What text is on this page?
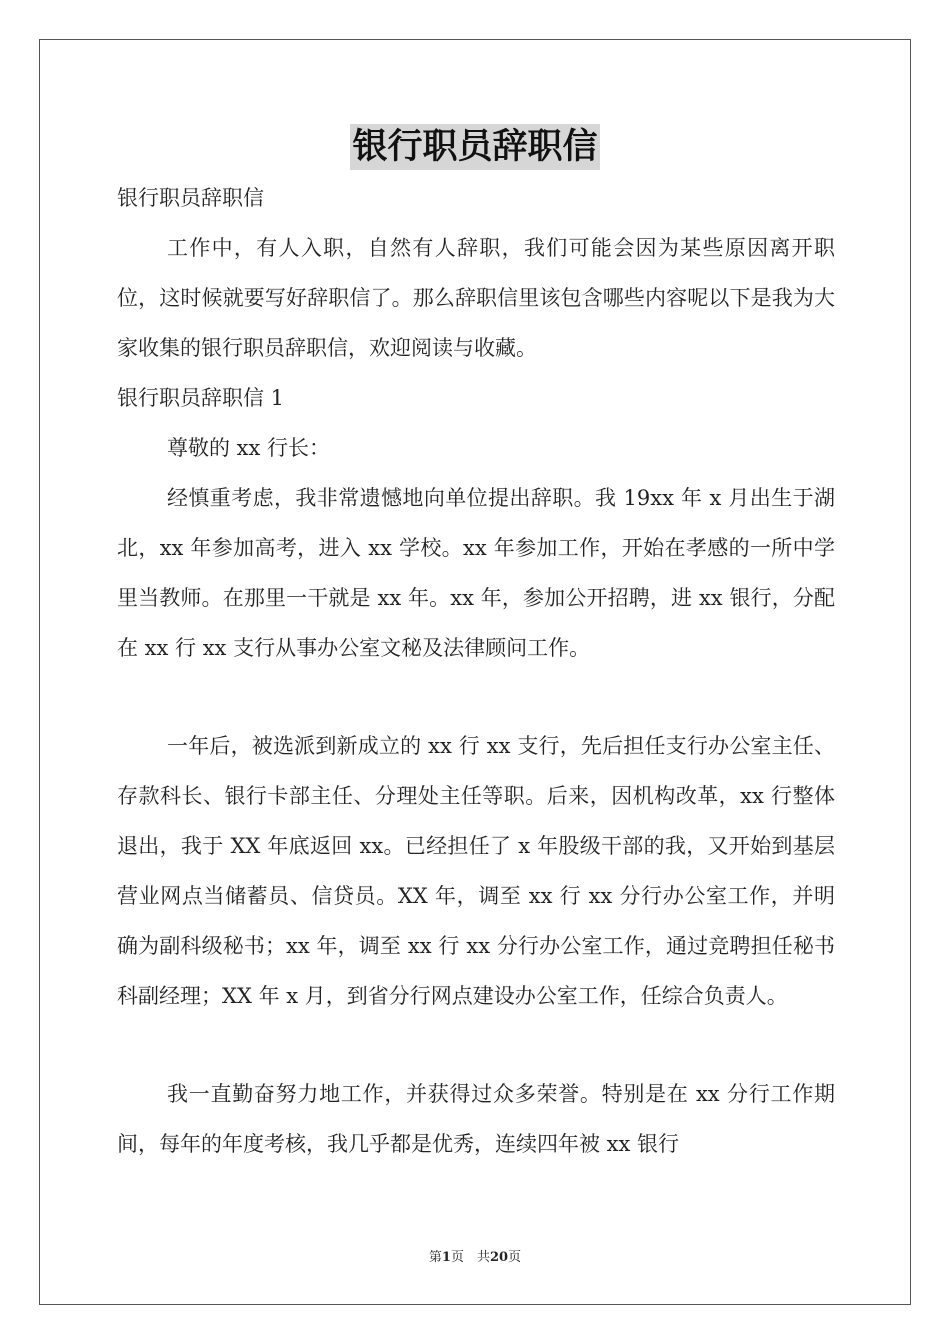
银行职员辞职信

银行职员辞职信

工作中，有人入职，自然有人辞职，我们可能会因为某些原因离开职位，这时候就要写好辞职信了。那么辞职信里该包含哪些内容呢以下是我为大家收集的银行职员辞职信，欢迎阅读与收藏。

银行职员辞职信 1

尊敬的 xx 行长：

经慎重考虑，我非常遗憾地向单位提出辞职。我 19xx 年 x 月出生于湖北，xx 年参加高考，进入 xx 学校。xx 年参加工作，开始在孝感的一所中学里当教师。在那里一干就是 xx 年。xx 年，参加公开招聘，进 xx 银行，分配在 xx 行 xx 支行从事办公室文秘及法律顾问工作。

一年后，被选派到新成立的 xx 行 xx 支行，先后担任支行办公室主任、存款科长、银行卡部主任、分理处主任等职。后来，因机构改革，xx 行整体退出，我于 XX 年底返回 xx。已经担任了 x 年股级干部的我，又开始到基层营业网点当储蓄员、信贷员。XX 年，调至 xx 行 xx 分行办公室工作，并明确为副科级秘书；xx 年，调至 xx 行 xx 分行办公室工作，通过竞聘担任秘书科副经理；XX 年 x 月，到省分行网点建设办公室工作，任综合负责人。

我一直勤奋努力地工作，并获得过众多荣誉。特别是在 xx 分行工作期间，每年的年度考核，我几乎都是优秀，连续四年被 xx 银行

第1页　共20页
